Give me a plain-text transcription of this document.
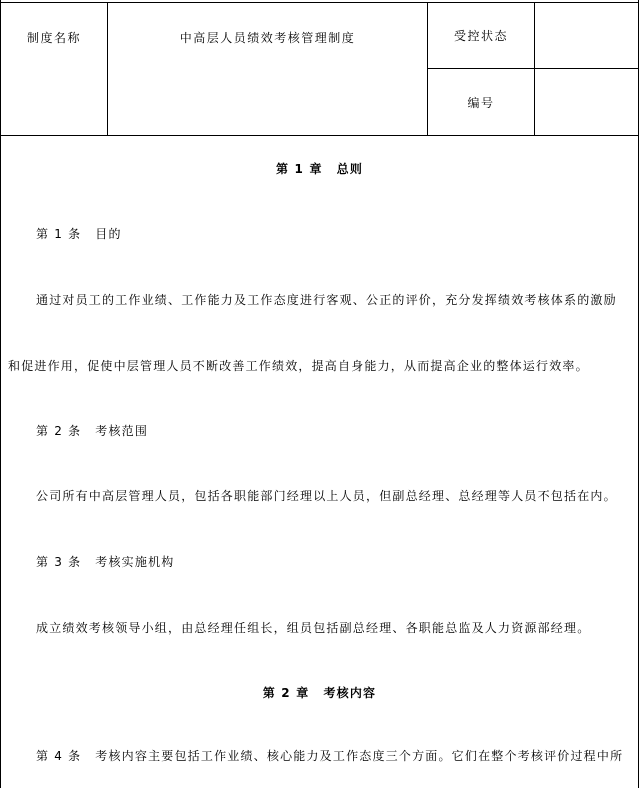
制度名称	中高层人员绩效考核管理制度	受控状态	
		编号	
第 1 章 总则
第 1 条 目的
通过对员工的工作业绩、工作能力及工作态度进行客观、公正的评价，充分发挥绩效考核体系的激励
和促进作用，促使中层管理人员不断改善工作绩效，提高自身能力，从而提高企业的整体运行效率。
第 2 条 考核范围
公司所有中高层管理人员，包括各职能部门经理以上人员，但副总经理、总经理等人员不包括在内。
第 3 条 考核实施机构
成立绩效考核领导小组，由总经理任组长，组员包括副总经理、各职能总监及人力资源部经理。
第 2 章 考核内容
第 4 条 考核内容主要包括工作业绩、核心能力及工作态度三个方面。它们在整个考核评价过程中所
